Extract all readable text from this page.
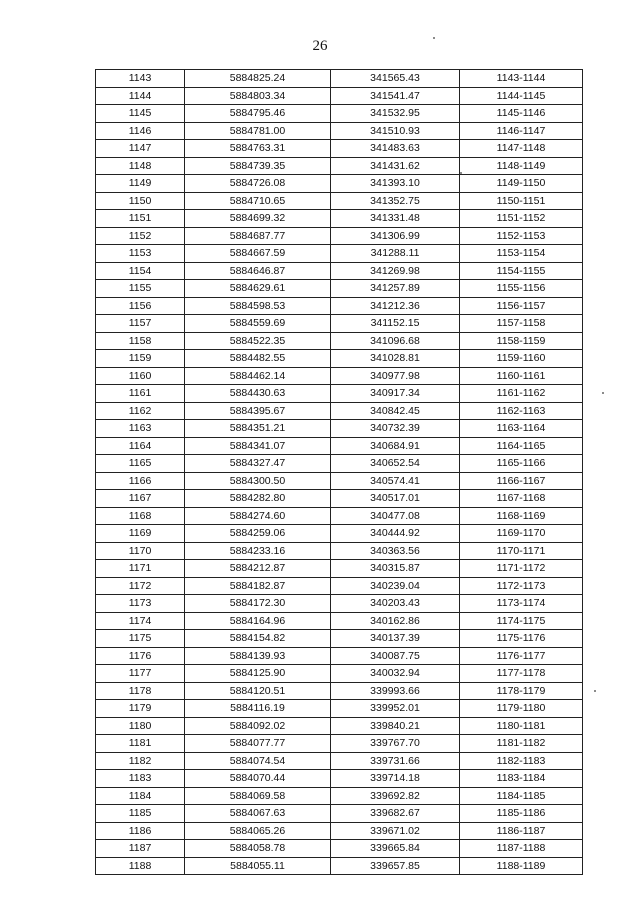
26
1143	5884825.24	341565.43	1143-1144
1144	5884803.34	341541.47	1144-1145
1145	5884795.46	341532.95	1145-1146
1146	5884781.00	341510.93	1146-1147
1147	5884763.31	341483.63	1147-1148
1148	5884739.35	341431.62	1148-1149
1149	5884726.08	341393.10	1149-1150
1150	5884710.65	341352.75	1150-1151
1151	5884699.32	341331.48	1151-1152
1152	5884687.77	341306.99	1152-1153
1153	5884667.59	341288.11	1153-1154
1154	5884646.87	341269.98	1154-1155
1155	5884629.61	341257.89	1155-1156
1156	5884598.53	341212.36	1156-1157
1157	5884559.69	341152.15	1157-1158
1158	5884522.35	341096.68	1158-1159
1159	5884482.55	341028.81	1159-1160
1160	5884462.14	340977.98	1160-1161
1161	5884430.63	340917.34	1161-1162
1162	5884395.67	340842.45	1162-1163
1163	5884351.21	340732.39	1163-1164
1164	5884341.07	340684.91	1164-1165
1165	5884327.47	340652.54	1165-1166
1166	5884300.50	340574.41	1166-1167
1167	5884282.80	340517.01	1167-1168
1168	5884274.60	340477.08	1168-1169
1169	5884259.06	340444.92	1169-1170
1170	5884233.16	340363.56	1170-1171
1171	5884212.87	340315.87	1171-1172
1172	5884182.87	340239.04	1172-1173
1173	5884172.30	340203.43	1173-1174
1174	5884164.96	340162.86	1174-1175
1175	5884154.82	340137.39	1175-1176
1176	5884139.93	340087.75	1176-1177
1177	5884125.90	340032.94	1177-1178
1178	5884120.51	339993.66	1178-1179
1179	5884116.19	339952.01	1179-1180
1180	5884092.02	339840.21	1180-1181
1181	5884077.77	339767.70	1181-1182
1182	5884074.54	339731.66	1182-1183
1183	5884070.44	339714.18	1183-1184
1184	5884069.58	339692.82	1184-1185
1185	5884067.63	339682.67	1185-1186
1186	5884065.26	339671.02	1186-1187
1187	5884058.78	339665.84	1187-1188
1188	5884055.11	339657.85	1188-1189
